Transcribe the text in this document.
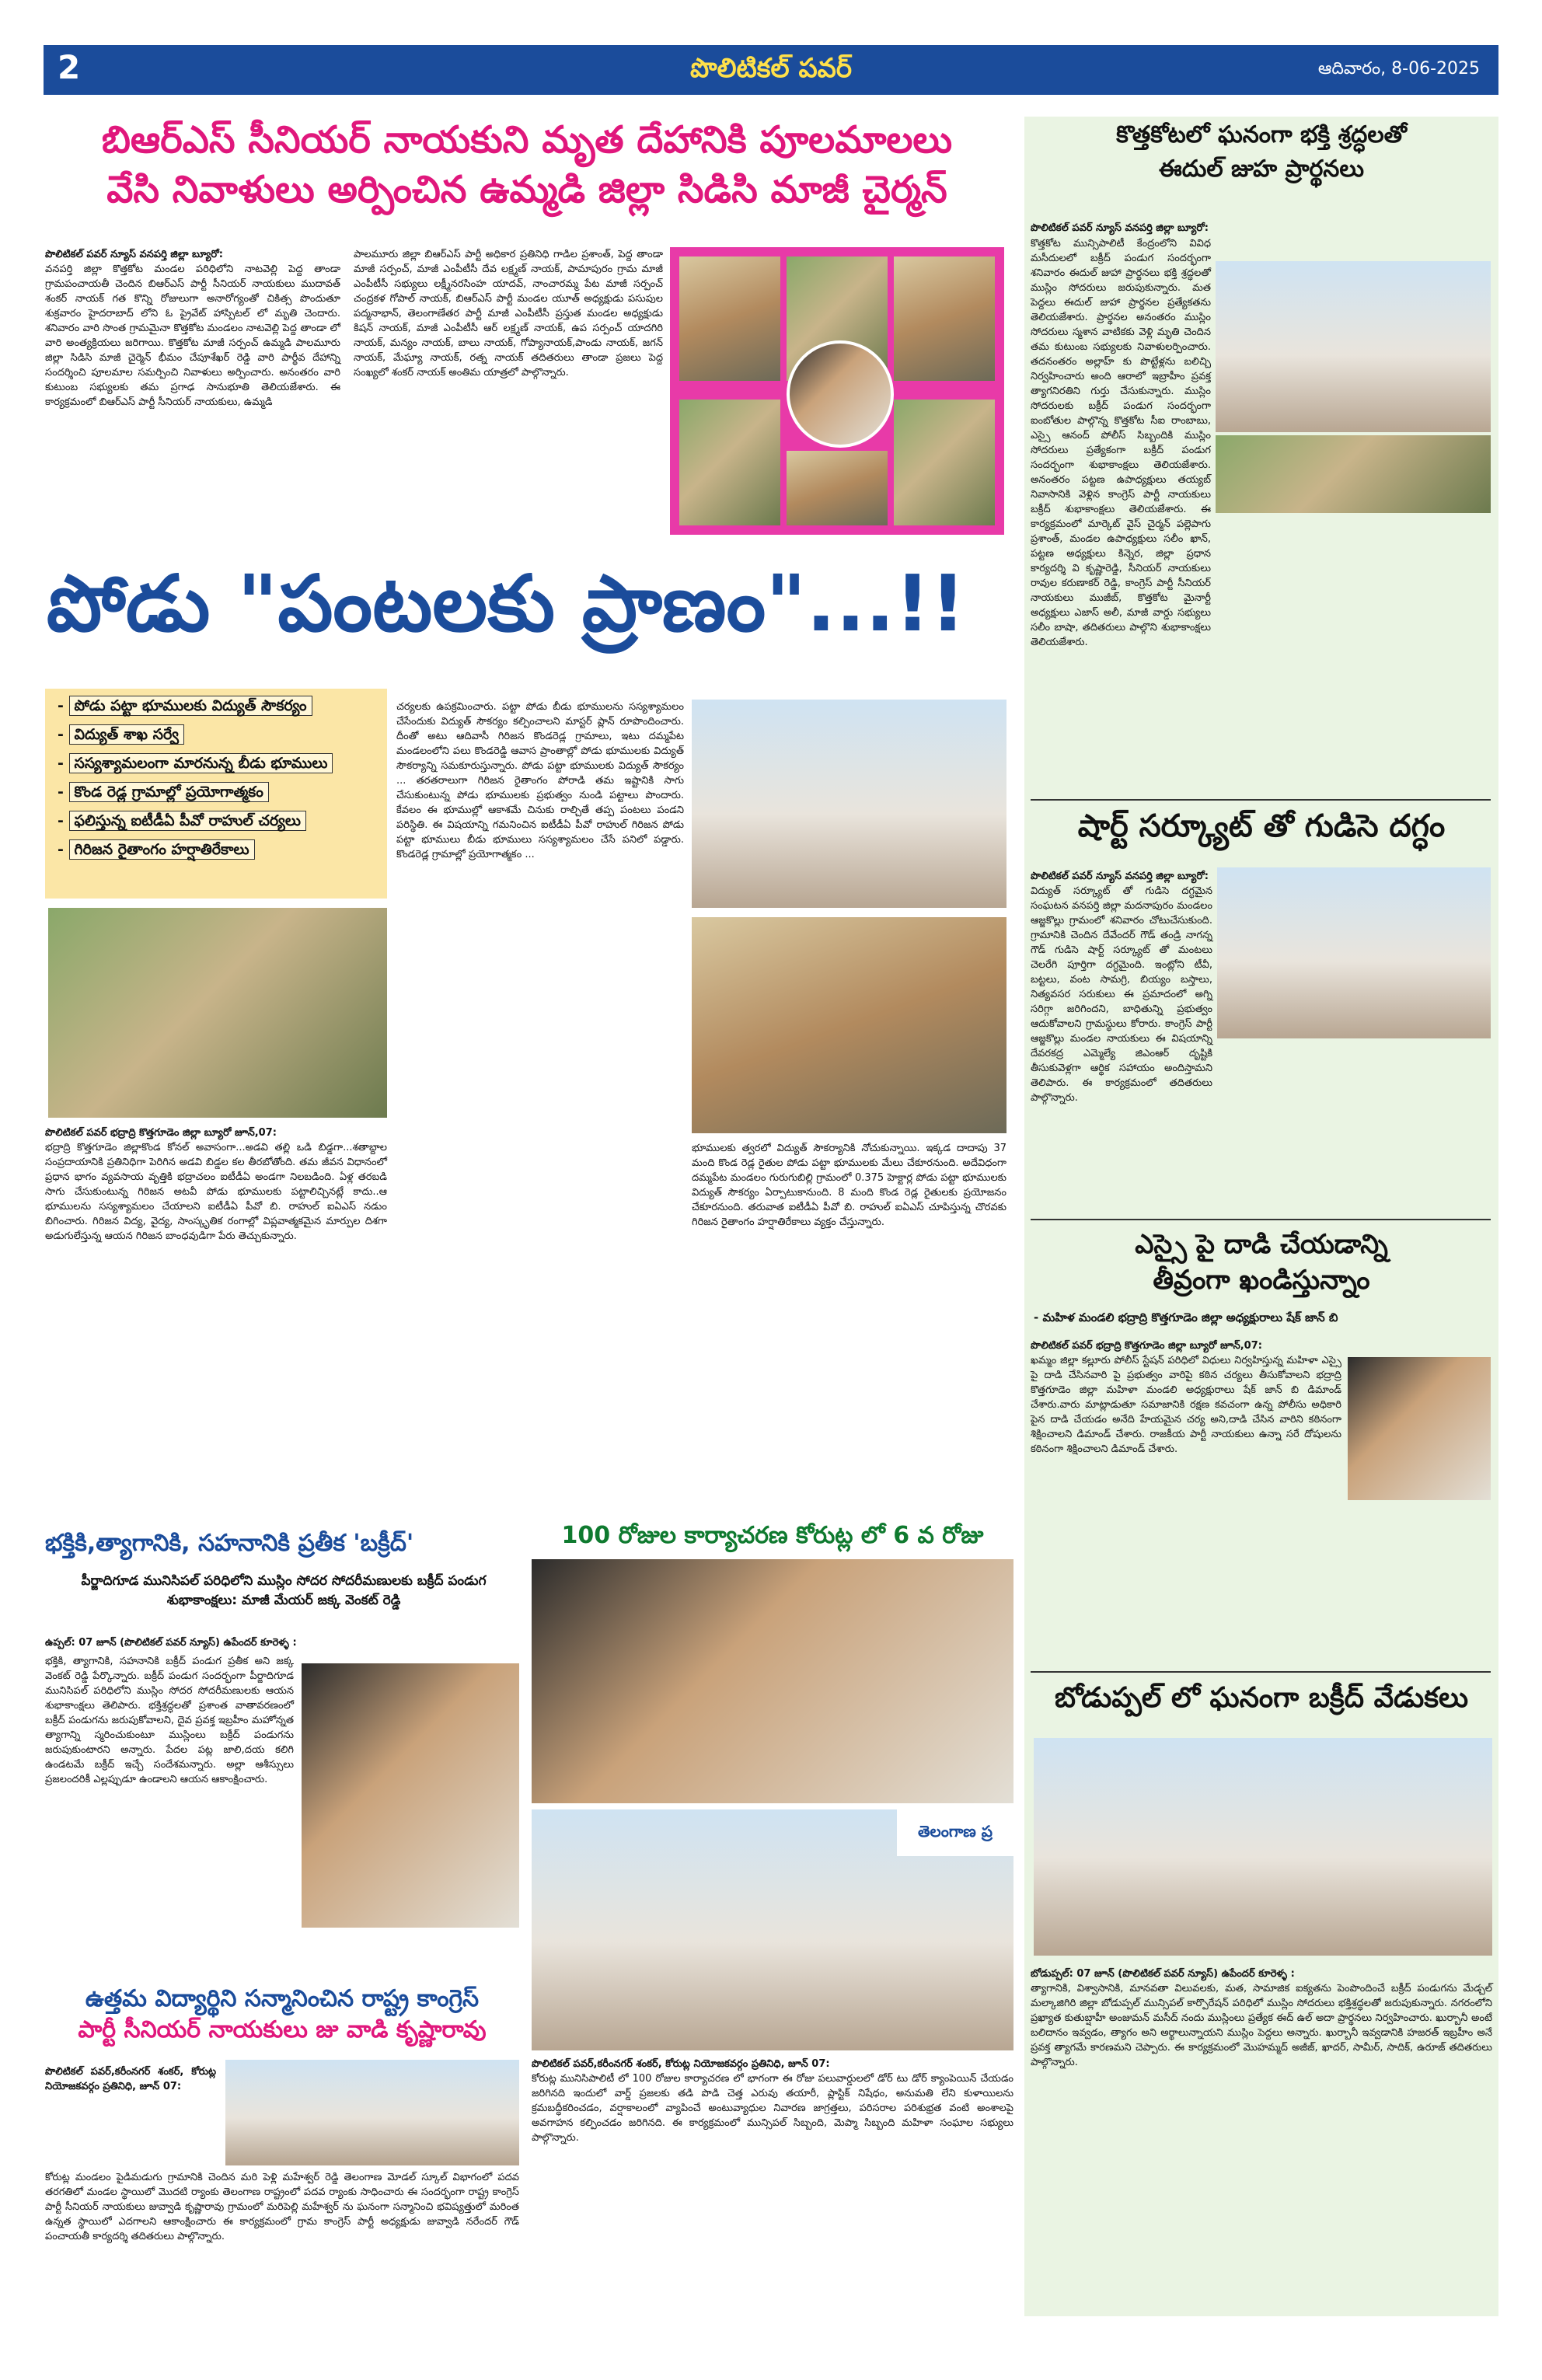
2	పొలిటికల్ పవర్	ఆదివారం, 8-06-2025
బిఆర్ఎస్ సీనియర్ నాయకుని మృత దేహానికి పూలమాలలు
వేసి నివాళులు అర్పించిన ఉమ్మడి జిల్లా సిడిసి మాజీ చైర్మన్
పొలిటికల్ పవర్ న్యూస్ వనపర్తి జిల్లా బ్యూరో:
వనపర్తి జిల్లా కొత్తకోట మండల పరిధిలోని నాటవెల్లి పెద్ద తాండా గ్రామపంచాయతీ చెందిన బిఆర్ఎస్ పార్టీ సీనియర్ నాయకులు ముదావత్ శంకర్ నాయక్ గత కొన్ని రోజులుగా అనారోగ్యంతో చికిత్స పొందుతూ శుక్రవారం హైదరాబాద్ లోని ఓ ప్రైవేట్ హాస్పిటల్ లో మృతి చెందారు. శనివారం వారి సొంత గ్రామమైనా కొత్తకోట మండలం నాటవెల్లి పెద్ద తాండా లో వారి అంత్యక్రియలు జరిగాయి. కొత్తకోట మాజీ సర్పంచ్ ఉమ్మడి పాలమూరు జిల్లా సిడిసి మాజీ చైర్మెన్ భీమం చేపూశేఖర్ రెడ్డి వారి పార్థీవ దేహాన్ని సందర్శించి పూలమాల సమర్పించి నివాళులు అర్పించారు. అనంతరం వారి కుటుంబ సభ్యులకు తమ ప్రగాఢ సానుభూతి తెలియజేశారు. ఈ కార్యక్రమంలో బిఆర్ఎస్ పార్టీ సీనియర్ నాయకులు, ఉమ్మడి
పాలమూరు జిల్లా బిఆర్ఎస్ పార్టీ అధికార ప్రతినిధి గాడిల ప్రశాంత్, పెద్ద తాండా మాజీ సర్పంచ్, మాజీ ఎంపీటీసీ దేవ లక్ష్మణ్ నాయక్, పామాపురం గ్రామ మాజీ ఎంపీటీసీ సభ్యులు లక్ష్మీనరసింహ యాదవ్, నాంచారమ్మ పేట మాజీ సర్పంచ్ చంద్రకళ గోపాల్ నాయక్, బిఆర్ఎస్ పార్టీ మండల యూత్ అధ్యక్షుడు పసుపుల పద్మనాభాన్, తెలంగాణేతర పార్టీ మాజీ ఎంపీటీసీ ప్రస్తుత మండల అధ్యక్షుడు కిషన్ నాయక్, మాజీ ఎంపీటీసీ ఆర్ లక్ష్మణ్ నాయక్, ఉప సర్పంచ్ యాదగిరి నాయక్, మన్యం నాయక్, బాలు నాయక్, గోప్యానాయక్,పాండు నాయక్, జగన్ నాయక్, మేఘ్యా నాయక్, రత్న నాయక్ తదితరులు తాండా ప్రజలు పెద్ద సంఖ్యలో శంకర్ నాయక్ అంతిమ యాత్రలో పాల్గొన్నారు.
పోడు "పంటలకు ప్రాణం"...!!
- పోడు పట్టా భూములకు విద్యుత్ సౌకర్యం
- విద్యుత్ శాఖ సర్వే
- సస్యశ్యామలంగా మారనున్న బీడు భూములు
- కొండ రెడ్ల గ్రామాల్లో ప్రయోగాత్మకం
- ఫలిస్తున్న ఐటీడీఏ పీవో రాహుల్ చర్యలు
- గిరిజన రైతాంగం హర్షాతిరేకాలు
పొలిటికల్ పవర్ భద్రాద్రి కొత్తగూడెం జిల్లా బ్యూరో జూన్,07:
భద్రాద్రి కొత్తగూడెం జిల్లాకొండ కోనల్ అవాసంగా...అడవి తల్లి ఒడి బిడ్డగా...శతాబ్దాల సంప్రదాయానికి ప్రతినిధిగా పెరిగిన అడవి బిడ్డల కల తీరబోతోంది. తమ జీవన విధానంలో ప్రధాన భాగం వ్యవసాయ వృత్తికి భద్రాచలం ఐటీడీఏ అండగా నిలబడింది. ఏళ్ల తరబడి సాగు చేసుకుంటున్న గిరిజన అటవీ పోడు భూములకు పట్టాలిచ్చినట్లే కాదు..ఆ భూములను సస్యశ్యామలం చేయాలని ఐటీడీఏ పీవో బి. రాహుల్ ఐఏఎస్ నడుం బిగించారు. గిరిజన విద్య, వైద్య, సాంస్కృతిక రంగాల్లో విప్లవాత్మకమైన మార్పుల దిశగా అడుగులేస్తున్న ఆయన గిరిజన బాంధవుడిగా పేరు తెచ్చుకున్నారు.
చర్యలకు ఉపక్రమించారు. పట్టా పోడు బీడు భూములను సస్యశ్యామలం చేసేందుకు విద్యుత్ సౌకర్యం కల్పించాలని మాస్టర్ ప్లాన్ రూపొందించారు. దీంతో అటు ఆదివాసీ గిరిజన కొండరెడ్ల గ్రామాలు, ఇటు దమ్మపేట మండలంలోని పలు కొండరెడ్డి ఆవాస ప్రాంతాల్లో పోడు భూములకు విద్యుత్ సౌకర్యాన్ని సమకూరుస్తున్నారు. పోడు పట్టా భూములకు విద్యుత్ సౌకర్యం ... తరతరాలుగా గిరిజన రైతాంగం పోరాడి తమ ఇష్టానికి సాగు చేసుకుంటున్న పోడు భూములకు ప్రభుత్వం నుండి పట్టాలు పొందారు. కేవలం ఈ భూముల్లో ఆకాశమే చినుకు రాల్చితే తప్ప పంటలు పండని పరిస్థితి. ఈ విషయాన్ని గమనించిన ఐటీడీఏ పీవో రాహుల్ గిరిజన పోడు పట్టా భూములు బీడు భూములు సస్యశ్యామలం చేసే పనిలో పడ్డారు. కొండరెడ్ల గ్రామాల్లో ప్రయోగాత్మకం ...
భూములకు త్వరలో విద్యుత్ సౌకర్యానికి నోచుకున్నాయి. ఇక్కడ దాదాపు 37 మంది కొండ రెడ్ల రైతుల పోడు పట్టా భూములకు మేలు చేకూరనుంది. అదేవిధంగా దమ్మపేట మండలం గురుగుబిల్లి గ్రామంలో 0.375 హెక్టార్ల పోడు పట్టా భూములకు విద్యుత్ సౌకర్యం ఏర్పాటుకానుంది. 8 మంది కొండ రెడ్ల రైతులకు ప్రయోజనం చేకూరనుంది. తరువాత ఐటీడీఏ పీవో బి. రాహుల్ ఐఏఎస్ చూపిస్తున్న చొరవకు గిరిజన రైతాంగం హర్షాతిరేకాలు వ్యక్తం చేస్తున్నారు.
భక్తికి,త్యాగానికి, సహనానికి ప్రతీక 'బక్రీద్'
పీర్జాదిగూడ మునిసిపల్ పరిధిలోని ముస్లిం సోదర సోదరీమణులకు బక్రీద్ పండుగ శుభాకాంక్షలు: మాజీ మేయర్ జక్క వెంకట్ రెడ్డి
ఉప్పల్: 07 జూన్ (పొలిటికల్ పవర్ న్యూస్) ఉపేందర్ కూరెళ్ళ :
భక్తికి, త్యాగానికి, సహనానికి బక్రీద్ పండుగ ప్రతీక అని జక్క వెంకట్ రెడ్డి పేర్కొన్నారు. బక్రీద్ పండుగ సందర్భంగా పీర్జాదిగూడ మునిసిపల్ పరిధిలోని ముస్లిం సోదర సోదరీమణులకు ఆయన శుభాకాంక్షలు తెలిపారు. భక్తిశ్రద్ధలతో ప్రశాంత వాతావరణంలో బక్రీద్ పండుగను జరుపుకోవాలని, దైవ ప్రవక్త ఇబ్రహీం మహోన్నత త్యాగాన్ని స్మరించుకుంటూ ముస్లింలు బక్రీద్ పండుగను జరుపుకుంటారని అన్నారు. పేదల పట్ల జాలి,దయ కలిగి ఉండటమే బక్రీద్ ఇచ్చే సందేశమన్నారు. అల్లా ఆశీస్సులు ప్రజలందరికీ ఎల్లప్పుడూ ఉండాలని ఆయన ఆకాంక్షించారు.
ఉత్తమ విద్యార్థిని సన్మానించిన రాష్ట్ర కాంగ్రెస్
పార్టీ సీనియర్ నాయకులు జు వాడి కృష్ణారావు
పొలిటికల్ పవర్,కరీంనగర్ శంకర్, కోరుట్ల నియోజకవర్గం ప్రతినిధి, జూన్ 07:
కోరుట్ల మండలం పైడిమడుగు గ్రామానికి చెందిన మరి పెళ్లి మహేశ్వర్ రెడ్డి తెలంగాణ మోడల్ స్కూల్ విభాగంలో పదవ తరగతిలో మండల స్థాయిలో మొదటి ర్యాంకు తెలంగాణ రాష్ట్రంలో పదవ ర్యాంకు సాధించారు ఈ సందర్భంగా రాష్ట్ర కాంగ్రెస్ పార్టీ సీనియర్ నాయకులు జువ్వాడి కృష్ణారావు గ్రామంలో మరిపెల్లి మహేశ్వర్ ను ఘనంగా సన్మానించి భవిష్యత్తులో మరింత ఉన్నత స్థాయిలో ఎదగాలని ఆకాంక్షించారు ఈ కార్యక్రమంలో గ్రామ కాంగ్రెస్ పార్టీ అధ్యక్షుడు జువ్వాడి నరేందర్ గౌడ్ పంచాయతీ కార్యదర్శి తదితరులు పాల్గొన్నారు.
100 రోజుల కార్యాచరణ కోరుట్ల లో 6 వ రోజు
తెలంగాణ ప్ర
పొలిటికల్ పవర్,కరీంనగర్ శంకర్, కోరుట్ల నియోజకవర్గం ప్రతినిధి, జూన్ 07:
కోరుట్ల మునిసిపాలిటీ లో 100 రోజుల కార్యాచరణ లో భాగంగా ఈ రోజు పలువార్డులలో డోర్ టు డోర్ క్యాంపెయిన్ చేయడం జరిగినది ఇందులో వార్డ్ ప్రజలకు తడి పొడి చెత్త ఎరువు తయారీ, ప్లాస్టిక్ నిషేధం, అనుమతి లేని కుళాయిలను క్రమబద్ధీకరించడం, వర్షాకాలంలో వ్యాపించే అంటువ్యాధుల నివారణ జాగ్రత్తలు, పరిసరాల పరిశుభ్రత వంటి అంశాలపై అవగాహన కల్పించడం జరిగినది. ఈ కార్యక్రమంలో మున్సిపల్ సిబ్బంది, మెప్మా సిబ్బంది మహిళా సంఘాల సభ్యులు పాల్గొన్నారు.
కొత్తకోటలో ఘనంగా భక్తి శ్రద్ధలతో
ఈదుల్ జుహ ప్రార్థనలు
పొలిటికల్ పవర్ న్యూస్ వనపర్తి జిల్లా బ్యూరో:
కొత్తకోట మున్సిపాలిటీ కేంద్రంలోని వివిధ మసీదులలో బక్రీద్ పండుగ సందర్భంగా శనివారం ఈదుల్ జుహా ప్రార్థనలు భక్తి శ్రద్ధలతో ముస్లిం సోదరులు జరుపుకున్నారు. మత పెద్దలు ఈదుల్ జుహా ప్రార్థనల ప్రత్యేకతను తెలియజేశారు. ప్రార్థనల అనంతరం ముస్లిం సోదరులు స్మశాన వాటికకు వెళ్లి మృతి చెందిన తమ కుటుంబ సభ్యులకు నివాళులర్పించారు. తదనంతరం అల్లాహ్ కు పొట్టేళ్లను బలిచ్చి నిర్వహించారు అంది ఆరాలో ఇబ్రాహీం ప్రవక్త త్యాగనిరతిని గుర్తు చేసుకున్నారు. ముస్లిం సోదరులకు బక్రీద్ పండుగ సందర్భంగా ఐంబోతుల పాల్గొన్న కొత్తకోట సీఐ రాంబాబు, ఎస్సై ఆనంద్ పోలీస్ సిబ్బందికి ముస్లిం సోదరులు ప్రత్యేకంగా బక్రీద్ పండుగ సందర్భంగా శుభాకాంక్షలు తెలియజేశారు. అనంతరం పట్టణ ఉపాధ్యక్షులు తయ్యబ్ నివాసానికి వెళ్లిన కాంగ్రెస్ పార్టీ నాయకులు బక్రీద్ శుభాకాంక్షలు తెలియజేశారు. ఈ కార్యక్రమంలో మార్కెట్ వైస్ చైర్మన్ పల్లెపాగు ప్రశాంత్, మండల ఉపాధ్యక్షులు సలీం ఖాన్, పట్టణ అధ్యక్షులు కిన్నెర, జిల్లా ప్రధాన కార్యదర్శి వి కృష్ణారెడ్డి, సీనియర్ నాయకులు రావుల కరుణాకర్ రెడ్డి, కాంగ్రెస్ పార్టీ సీనియర్ నాయకులు ముజీబ్, కొత్తకోట మైనార్టీ అధ్యక్షులు ఎజాస్ అలీ, మాజీ వార్డు సభ్యులు సలీం బాషా, తదితరులు పాల్గొని శుభాకాంక్షలు తెలియజేశారు.
షార్ట్ సర్క్యూట్ తో గుడిసె దగ్ధం
పొలిటికల్ పవర్ న్యూస్ వనపర్తి జిల్లా బ్యూరో:
విద్యుత్ సర్క్యూట్ తో గుడిసె దగ్ధమైన సంఘటన వనపర్తి జిల్లా మదనాపురం మండలం ఆజ్జకొల్లు గ్రామంలో శనివారం చోటుచేసుకుంది. గ్రామానికి చెందిన దేవేందర్ గౌడ్ తండ్రి నాగన్న గౌడ్ గుడిసె షార్ట్ సర్క్యూట్ తో మంటలు చెలరేగి పూర్తిగా దగ్ధమైంది. ఇంట్లోని టీవీ, బట్టలు, వంట సామగ్రి, బియ్యం బస్తాలు, నిత్యవసర సరుకులు ఈ ప్రమాదంలో అగ్ని సరిగ్గా జరిగిందని, బాధితున్ని ప్రభుత్వం ఆదుకోవాలని గ్రామస్థులు కోరారు. కాంగ్రెస్ పార్టీ ఆజ్జకొల్లు మండల నాయకులు ఈ విషయాన్ని దేవరకద్ర ఎమ్మెల్యే జిఎంఆర్ దృష్టికి తీసుకువెళ్లగా ఆర్థిక సహాయం అందిస్తామని తెలిపారు. ఈ కార్యక్రమంలో తదితరులు పాల్గొన్నారు.
ఎస్సై పై దాడి చేయడాన్ని
తీవ్రంగా ఖండిస్తున్నాం
- మహిళ మండలి భద్రాద్రి కొత్తగూడెం జిల్లా అధ్యక్షురాలు షేక్ జాన్ బి
పొలిటికల్ పవర్ భద్రాద్రి కొత్తగూడెం జిల్లా బ్యూరో జూన్,07:
ఖమ్మం జిల్లా కల్లూరు పోలీస్ స్టేషన్ పరిధిలో విధులు నిర్వహిస్తున్న మహిళా ఎస్సై పై దాడి చేసినవారి పై ప్రభుత్వం వారిపై కఠిన చర్యలు తీసుకోవాలని భద్రాద్రి కొత్తగూడెం జిల్లా మహిళా మండలి అధ్యక్షురాలు షేక్ జాన్ బి డిమాండ్ చేశారు.వారు మాట్లాడుతూ సమాజానికి రక్షణ కవచంగా ఉన్న పోలీసు అధికారి పైన దాడి చేయడం అనేది హేయమైన చర్య అని,దాడి చేసిన వారిని కఠినంగా శిక్షించాలని డిమాండ్ చేశారు. రాజకీయ పార్టీ నాయకులు ఉన్నా సరే దోషులను కఠినంగా శిక్షించాలని డిమాండ్ చేశారు.
బోడుప్పల్ లో ఘనంగా బక్రీద్ వేడుకలు
బోడుప్పల్: 07 జూన్ (పొలిటికల్ పవర్ న్యూస్) ఉపేందర్ కూరెళ్ళ :
త్యాగానికి, విశ్వాసానికి, మానవతా విలువలకు, మత, సామాజిక ఐక్యతను పెంపొందించే బక్రీద్ పండుగను మేడ్చల్ మల్కాజిగిరి జిల్లా బోడుప్పల్ మున్సిపల్ కార్పొరేషన్ పరిధిలో ముస్లిం సోదరులు భక్తిశ్రద్ధలతో జరుపుకున్నారు. నగరంలోని ప్రఖ్యాత కుతుబ్షాహీ అంజుమన్ మసీద్ నందు ముస్లింలు ప్రత్యేక ఈద్ ఉల్ అదా ప్రార్థనలు నిర్వహించారు. ఖుర్బానీ అంటే బలిదానం ఇవ్వడం, త్యాగం అని అర్థాలున్నాయని ముస్లిం పెద్దలు అన్నారు. ఖుర్బానీ ఇవ్వడానికి హజరత్ ఇబ్రహీం అనే ప్రవక్త త్యాగమే కారణమని చెప్పారు. ఈ కార్యక్రమంలో మొహమ్మద్ అజీజ్, ఖాదర్, సామీర్, సాదిక్, ఉరూజ్ తదితరులు పాల్గొన్నారు.
